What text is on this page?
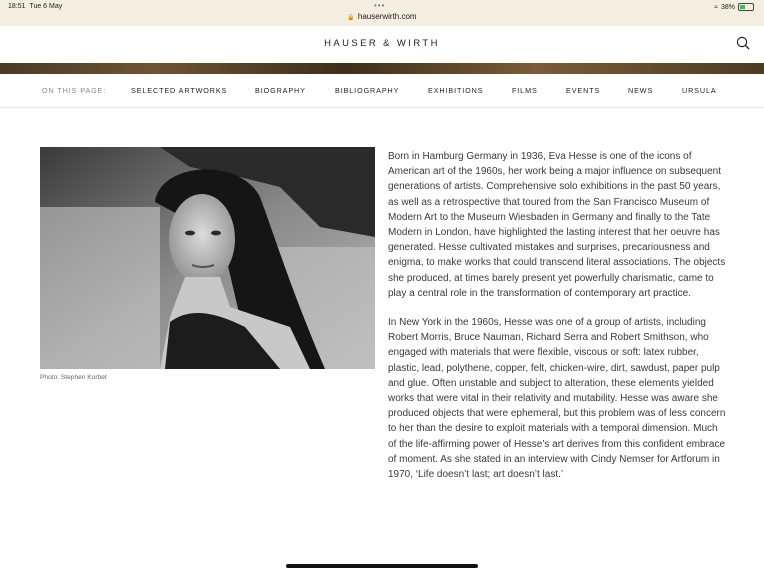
18:51 Tue 6 May	•••
🔒 hauserwirth.com
≈ 38%
HAUSER & WIRTH
ON THIS PAGE:	SELECTED ARTWORKS	BIOGRAPHY	BIBLIOGRAPHY	EXHIBITIONS	FILMS	EVENTS	NEWS	URSULA
Photo: Stephen Korbet

Born in Hamburg Germany in 1936, Eva Hesse is one of the icons of American art of the 1960s, her work being a major influence on subsequent generations of artists. Comprehensive solo exhibitions in the past 50 years, as well as a retrospective that toured from the San Francisco Museum of Modern Art to the Museum Wiesbaden in Germany and finally to the Tate Modern in London, have highlighted the lasting interest that her oeuvre has generated. Hesse cultivated mistakes and surprises, precariousness and enigma, to make works that could transcend literal associations. The objects she produced, at times barely present yet powerfully charismatic, came to play a central role in the transformation of contemporary art practice.

In New York in the 1960s, Hesse was one of a group of artists, including Robert Morris, Bruce Nauman, Richard Serra and Robert Smithson, who engaged with materials that were flexible, viscous or soft: latex rubber, plastic, lead, polythene, copper, felt, chicken-wire, dirt, sawdust, paper pulp and glue. Often unstable and subject to alteration, these elements yielded works that were vital in their relativity and mutability. Hesse was aware she produced objects that were ephemeral, but this problem was of less concern to her than the desire to exploit materials with a temporal dimension. Much of the life-affirming power of Hesse’s art derives from this confident embrace of moment. As she stated in an interview with Cindy Nemser for Artforum in 1970, ‘Life doesn’t last; art doesn’t last.’
